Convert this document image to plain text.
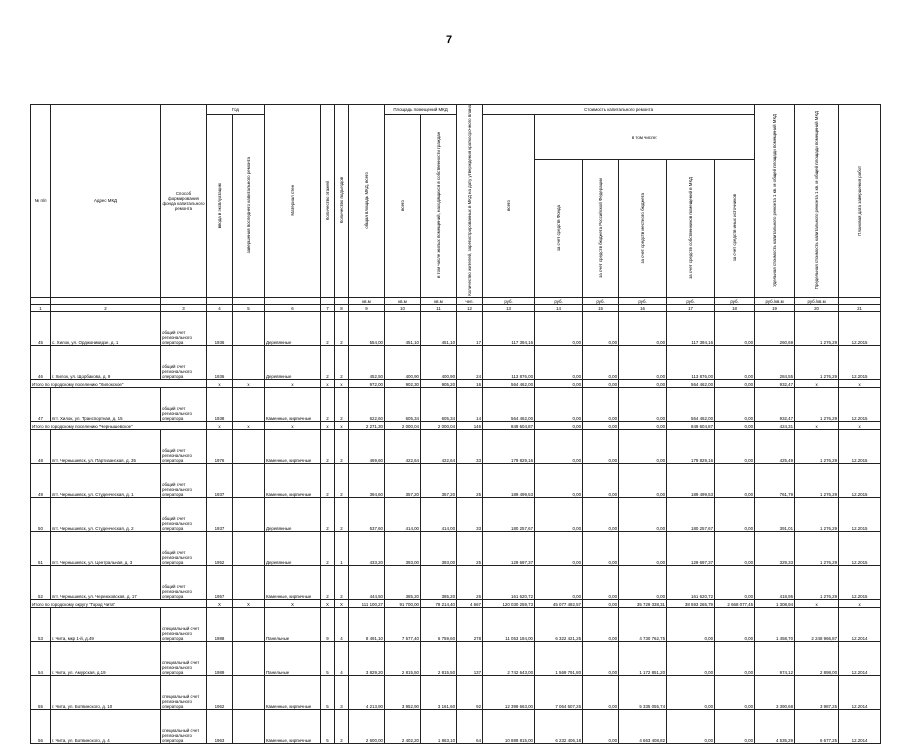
7
№ п/п	Адрес МКД	Способ формирования фонда капитального ремонта	Год		Материал стен	Количество этажей	Количество подъездов	общая площадь МКД, всего	Площадь помещений МКД		Количество жителей, зарегистрированных в МКД на дату утверждения краткосрочного плана	Стоимость капитального ремонта						Удельная стоимость капитального ремонта 1 кв. м общей площади помещений МКД	Предельная стоимость капитального ремонта 1 кв. м общей площади помещений МКД	Плановая дата завершения работ
			ввода в эксплуатацию	завершения последнего капитального ремонта					всего	в том числе жилых помещений, находящихся в собственности граждан		всего	в том числе:							
													за счет средств Фонда	за счет средств бюджета Российской Федерации	за счет средств местного бюджета	за счет средств собственников помещений в МКД	за счет средств иных источников			
								кв.м	кв.м	кв.м	чел.	руб.	руб.	руб.	руб.	руб.	руб.	руб./кв.м	руб./кв.м	
1	2	3	4	5	6	7	8	9	10	11	12	13	14	15	16	17	18	19	20	21
45	с. Хилок, ул. Орджоникидзе, д. 1	общий счет регионального оператора	1936		Деревянные	2	2	554,00	451,10	451,10	17	117 394,16	0,00	0,00	0,00	117 394,16	0,00	260,69	1 276,29	12.2015
46	г. Хилок, ул. Щорбакова, д. 9	общий счет регионального оператора	1936		Деревянные	2	2	452,50	400,90	400,90	24	113 876,00	0,00	0,00	0,00	113 876,00	0,00	284,55	1 276,29	12.2015
Итого по городскому поселению "Хилокское"			х	х	х	х	х	972,00	902,30	905,20	16	564 462,00	0,00	0,00	0,00	564 462,00	0,00	932,47	х	х
47	пгт. Хилок, ул. Транспортная, д. 15	общий счет регионального оператора	1938		Каменные, кирпичные	2	2	622,60	605,34	605,34	14	564 462,00	0,00	0,00	0,00	564 462,00	0,00	932,47	1 276,29	12.2015
Итого по городскому поселению "Чернышевское"			х	х	х	х	х	2 271,30	2 000,04	2 000,04	146	849 604,87	0,00	0,00	0,00	849 604,87	0,00	424,31	х	х
48	пгт. Чернышевск, ул. Партизанская, д. 35	общий счет регионального оператора	1976		Каменные, кирпичные	2	2	469,60	422,64	422,64	33	179 829,16	0,00	0,00	0,00	179 829,16	0,00	425,49	1 276,29	12.2015
49	пгт. Чернышевск, ул. Студенческая, д. 1	общий счет регионального оператора	1937		Каменные, кирпичные	2	2	394,60	357,20	357,20	25	189 499,53	0,00	0,00	0,00	189 499,53	0,00	761,79	1 276,29	12.2015
50	пгт. Чернышевск, ул. Студенческая, д. 2	общий счет регионального оператора	1937		Деревянные	2	2	537,60	414,00	414,00	33	180 257,67	0,00	0,00	0,00	180 257,67	0,00	391,01	1 276,29	12.2015
51	пгт. Чернышевск, ул. Центральная, д. 3	общий счет регионального оператора	1952		Деревянные	2	1	433,20	393,00	393,00	25	129 697,37	0,00	0,00	0,00	129 697,37	0,00	329,33	1 276,29	12.2015
52	пгт. Чернышевск, ул. Черемховская, д. 17	общий счет регионального оператора	1957		Каменные, кирпичные	2	2	444,50	385,20	385,20	26	161 620,72	0,00	0,00	0,00	161 620,72	0,00	418,95	1 276,29	12.2015
Итого по городскому округу "Город Чита"			Х	Х	Х	Х	Х	111 100,27	91 700,00	79 214,40	4 667	120 030 259,73	45 077 482,57	0,00	35 729 338,31	38 593 265,79	2 668 077,45	1 308,94	х	х
53	г. Чита, мкр 1-й, д.49	специальный счет регионального оператора	1988		Панельные	9	4	8 491,10	7 577,40	6 759,60	278	11 053 184,00	6 322 421,25	0,00	4 730 762,75	0,00	0,00	1 458,70	2 248 966,87	12.2014
54	г. Чита, ул. Амурская, д.19	специальный счет регионального оператора	1989		Панельные	5	4	3 829,20	2 815,50	2 815,50	137	2 742 643,00	1 569 791,80	0,00	1 172 851,20	0,00	0,00	974,12	2 898,00	12.2014
55	г. Чита, ул. Ботвинского, д. 10	специальный счет регионального оператора	1962		Каменные, кирпичные	5	3	4 213,90	3 952,90	3 161,60	92	12 399 663,00	7 064 607,26	0,00	5 335 055,74	0,00	0,00	3 390,68	3 987,25	12.2014
56	г. Чита, ул. Ботвинского, д. 4	специальный счет регионального оператора	1963		Каменные, кирпичные	5	2	2 600,00	2 402,20	1 863,10	64	10 889 815,00	6 232 406,18	0,00	4 663 408,82	0,00	0,00	4 535,29	6 677,25	12.2014
